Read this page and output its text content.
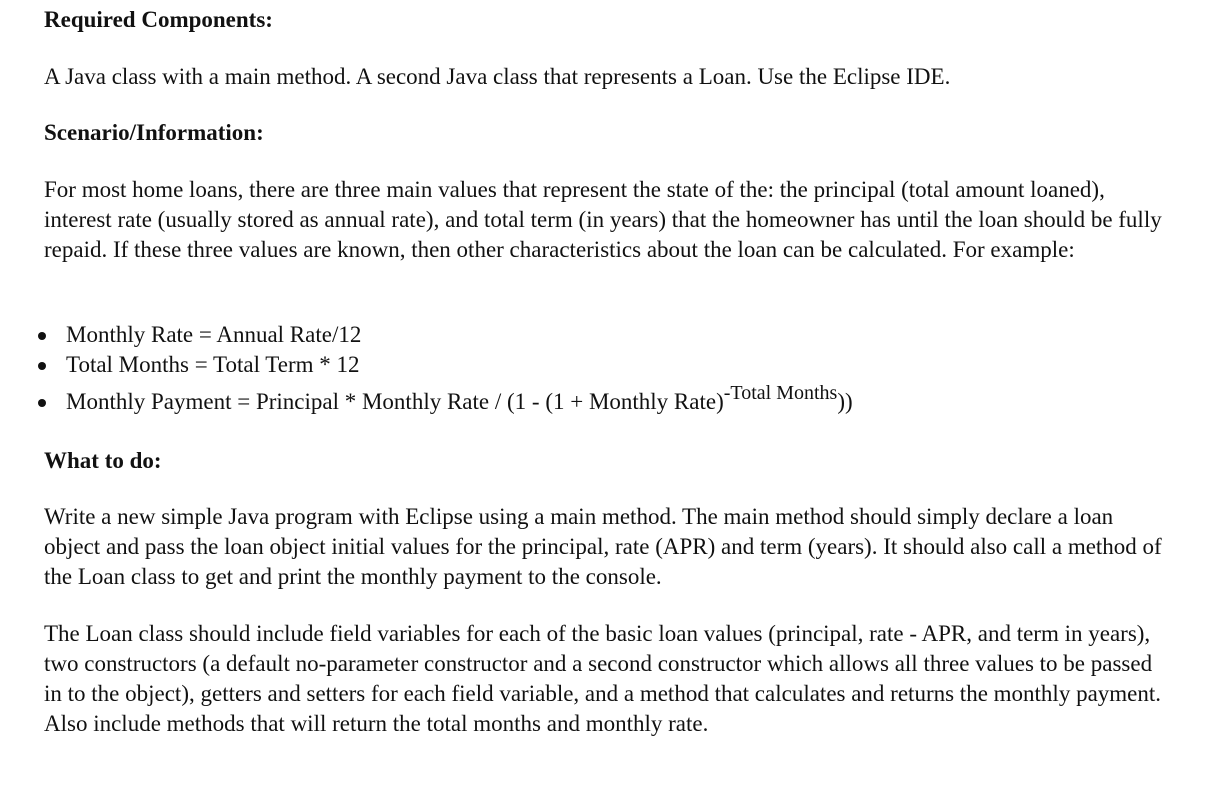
Required Components:

A Java class with a main method. A second Java class that represents a Loan. Use the Eclipse IDE.

Scenario/Information:

For most home loans, there are three main values that represent the state of the: the principal (total amount loaned), interest rate (usually stored as annual rate), and total term (in years) that the homeowner has until the loan should be fully repaid. If these three values are known, then other characteristics about the loan can be calculated. For example:

Monthly Rate = Annual Rate/12
Total Months = Total Term * 12
Monthly Payment = Principal * Monthly Rate / (1 - (1 + Monthly Rate)-Total Months))
What to do:

Write a new simple Java program with Eclipse using a main method. The main method should simply declare a loan object and pass the loan object initial values for the principal, rate (APR) and term (years). It should also call a method of the Loan class to get and print the monthly payment to the console.

The Loan class should include field variables for each of the basic loan values (principal, rate - APR, and term in years), two constructors (a default no-parameter constructor and a second constructor which allows all three values to be passed in to the object), getters and setters for each field variable, and a method that calculates and returns the monthly payment. Also include methods that will return the total months and monthly rate.
